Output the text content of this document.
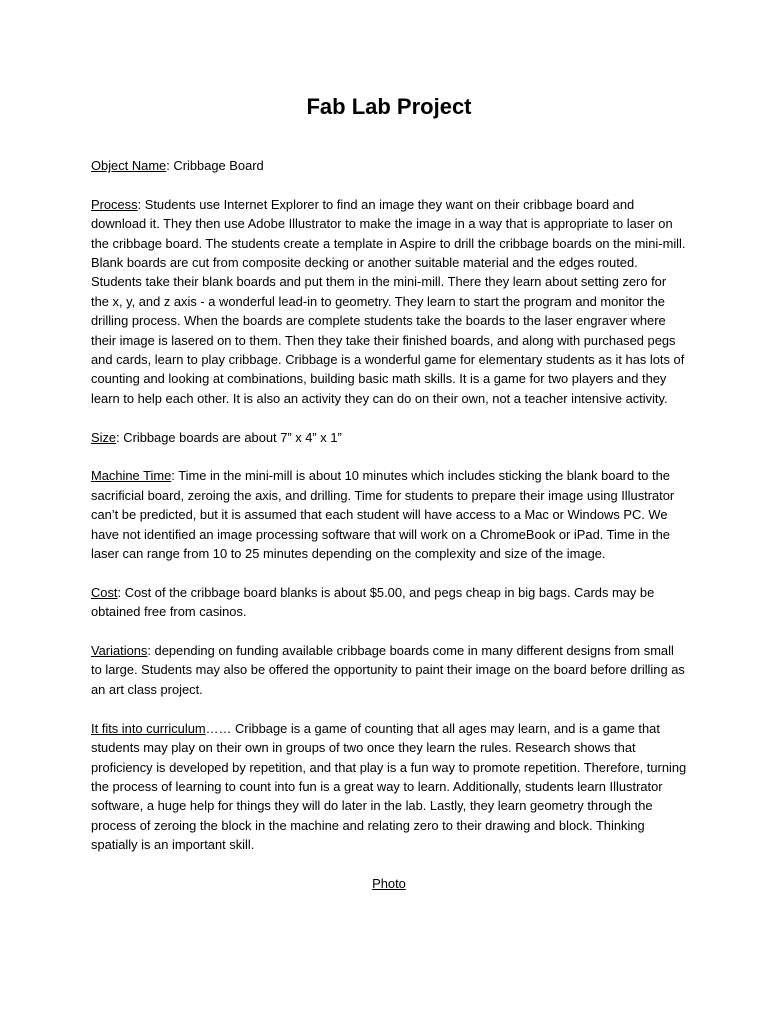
Fab Lab Project

Object Name: Cribbage Board

Process: Students use Internet Explorer to find an image they want on their cribbage board and download it. They then use Adobe Illustrator to make the image in a way that is appropriate to laser on the cribbage board. The students create a template in Aspire to drill the cribbage boards on the mini-mill. Blank boards are cut from composite decking or another suitable material and the edges routed. Students take their blank boards and put them in the mini-mill. There they learn about setting zero for the x, y, and z axis - a wonderful lead-in to geometry. They learn to start the program and monitor the drilling process. When the boards are complete students take the boards to the laser engraver where their image is lasered on to them. Then they take their finished boards, and along with purchased pegs and cards, learn to play cribbage. Cribbage is a wonderful game for elementary students as it has lots of counting and looking at combinations, building basic math skills. It is a game for two players and they learn to help each other. It is also an activity they can do on their own, not a teacher intensive activity.

Size: Cribbage boards are about 7” x 4” x 1”

Machine Time: Time in the mini-mill is about 10 minutes which includes sticking the blank board to the sacrificial board, zeroing the axis, and drilling. Time for students to prepare their image using Illustrator can’t be predicted, but it is assumed that each student will have access to a Mac or Windows PC. We have not identified an image processing software that will work on a ChromeBook or iPad. Time in the laser can range from 10 to 25 minutes depending on the complexity and size of the image.

Cost: Cost of the cribbage board blanks is about $5.00, and pegs cheap in big bags. Cards may be obtained free from casinos.

Variations: depending on funding available cribbage boards come in many different designs from small to large. Students may also be offered the opportunity to paint their image on the board before drilling as an art class project.

It fits into curriculum…… Cribbage is a game of counting that all ages may learn, and is a game that students may play on their own in groups of two once they learn the rules. Research shows that proficiency is developed by repetition, and that play is a fun way to promote repetition. Therefore, turning the process of learning to count into fun is a great way to learn. Additionally, students learn Illustrator software, a huge help for things they will do later in the lab. Lastly, they learn geometry through the process of zeroing the block in the machine and relating zero to their drawing and block. Thinking spatially is an important skill.

Photo
